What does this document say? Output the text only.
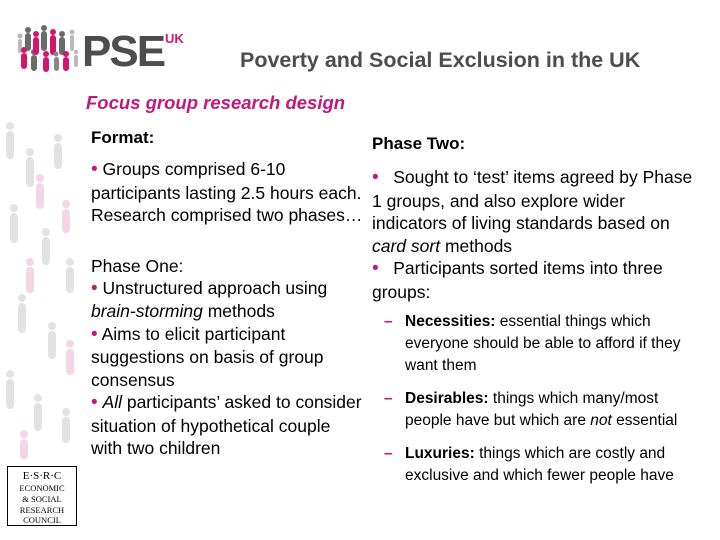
PSE UK
Poverty and Social Exclusion in the UK
Focus group research design

Format:

• Groups comprised 6-10 participants lasting 2.5 hours each. Research comprised two phases…

Phase One:

• Unstructured approach using brain-storming methods

• Aims to elicit participant suggestions on basis of group consensus

• All participants’ asked to consider situation of hypothetical couple with two children

Phase Two:

• Sought to ‘test’ items agreed by Phase 1 groups, and also explore wider indicators of living standards based on card sort methods

• Participants sorted items into three groups:

– Necessities: essential things which everyone should be able to afford if they want them

– Desirables: things which many/most people have but which are not essential

– Luxuries: things which are costly and exclusive and which fewer people have

E·S·R·C
ECONOMIC
& SOCIAL
RESEARCH
COUNCIL
